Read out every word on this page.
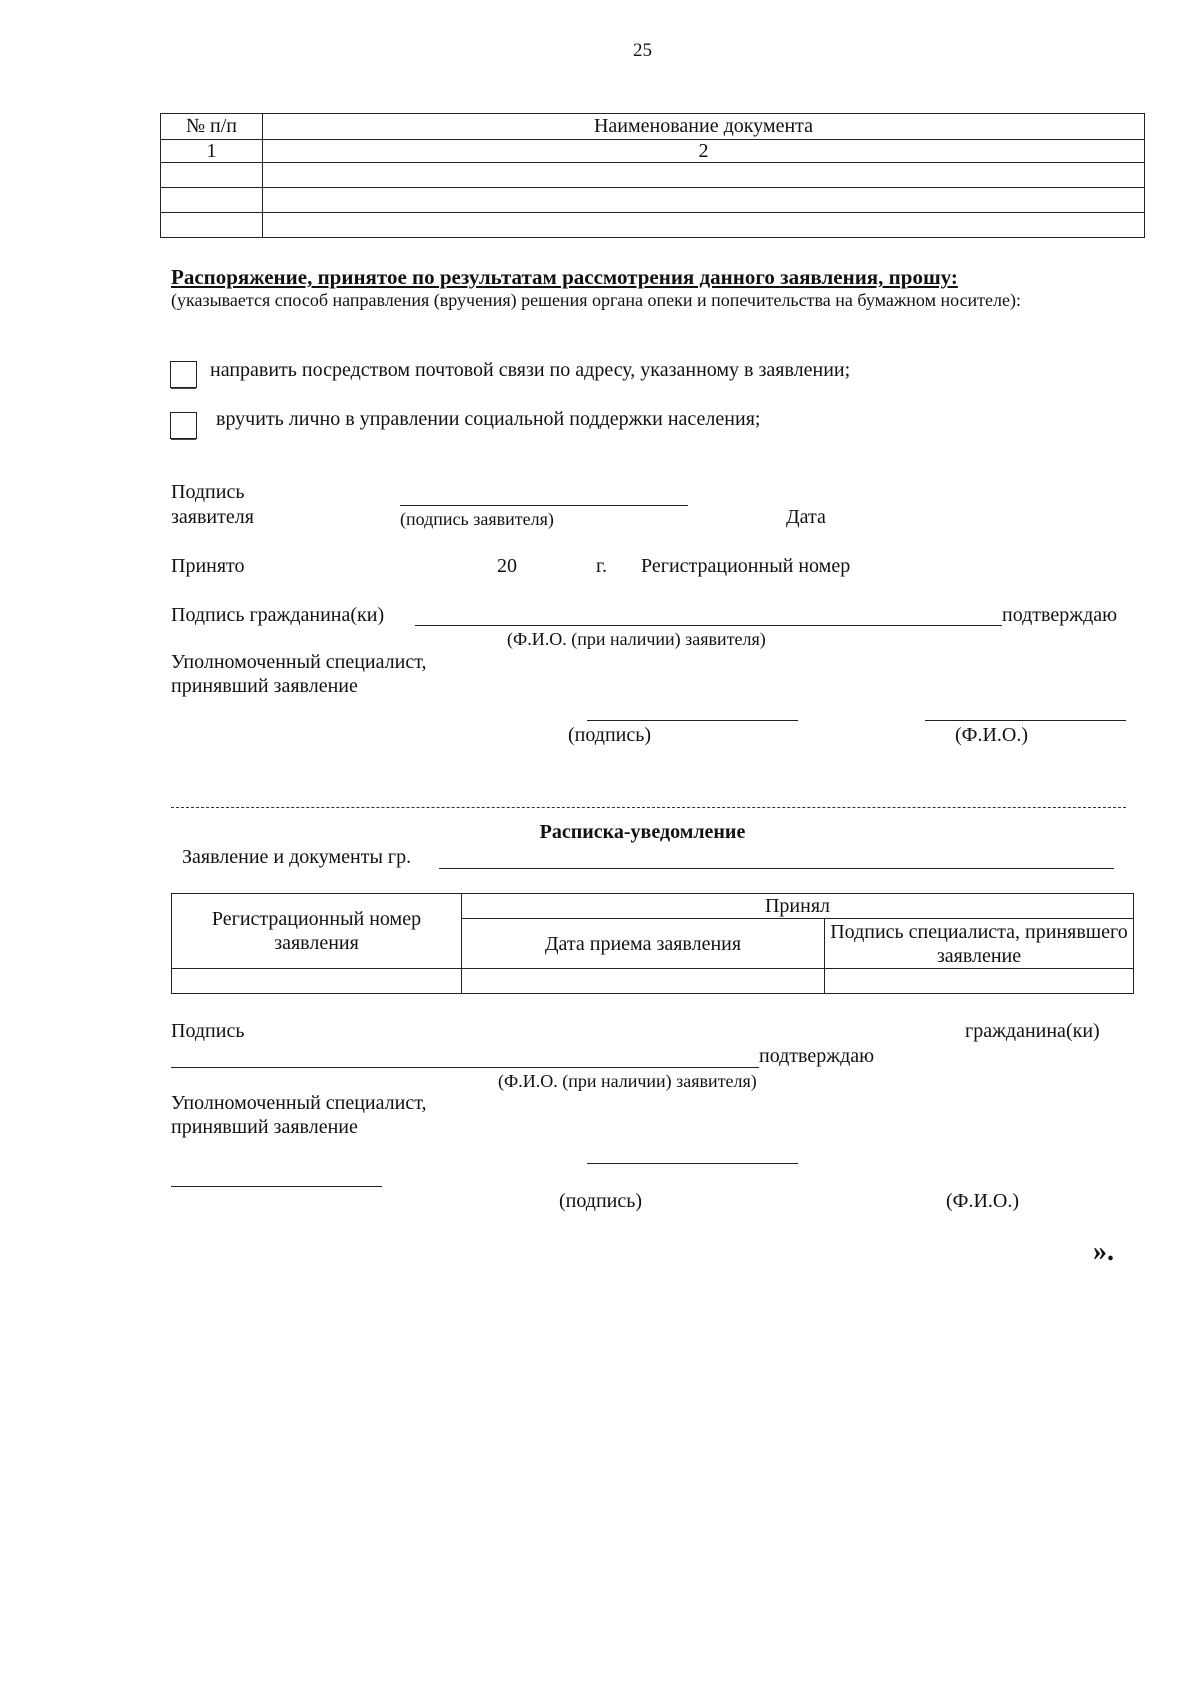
25
№ п/п	Наименование документа
1	2

Распоряжение, принятое по результатам рассмотрения данного заявления, прошу:
(указывается способ направления (вручения) решения органа опеки и попечительства на бумажном носителе):
направить посредством почтовой связи по адресу, указанному в заявлении;
вручить лично в управлении социальной поддержки населения;
Подпись
заявителя	(подпись заявителя)	Дата
Принято	20	г. Регистрационный номер
Подпись гражданина(ки)	подтверждаю
(Ф.И.О. (при наличии) заявителя)
Уполномоченный специалист,
принявший заявление
(подпись)	(Ф.И.О.)
Расписка-уведомление
Заявление и документы гр.
Регистрационный номер заявления	Принял	
	Дата приема заявления	Подпись специалиста, принявшего заявление

Подпись	гражданина(ки)
подтверждаю
(Ф.И.О. (при наличии) заявителя)
Уполномоченный специалист,
принявший заявление
(подпись)	(Ф.И.О.)
».
